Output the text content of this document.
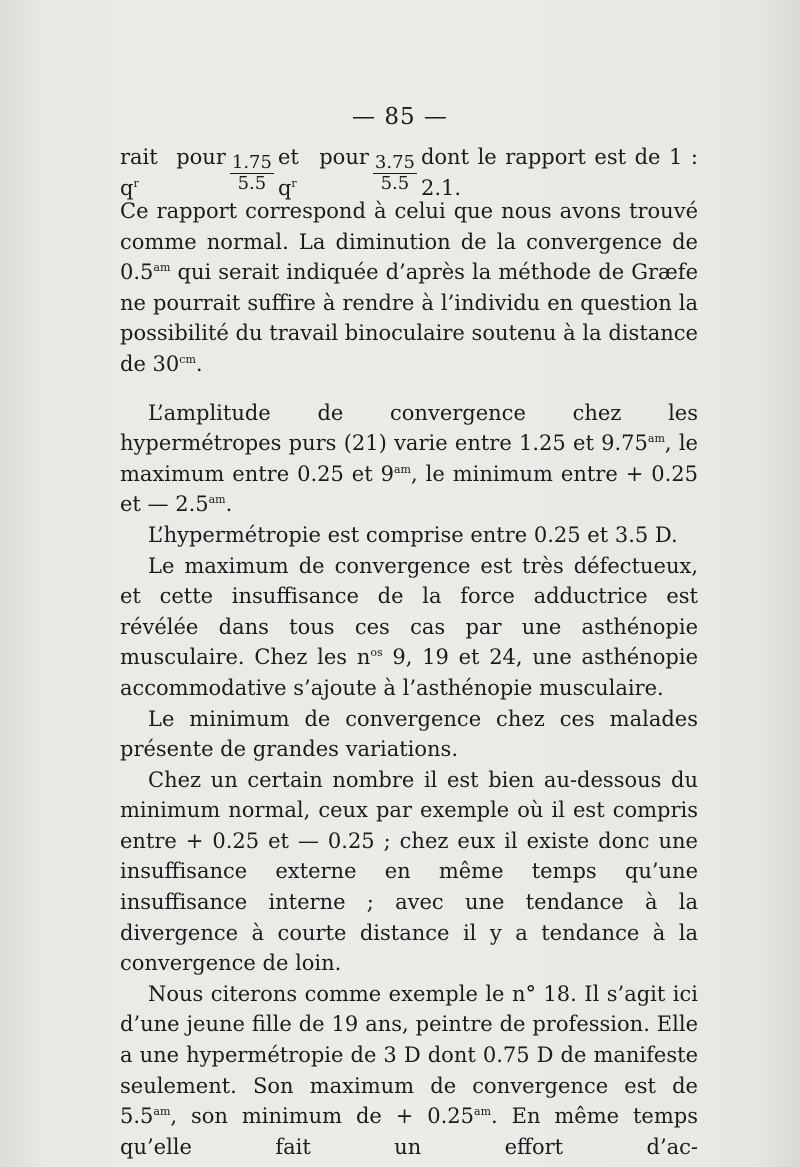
— 85 —
rait pour $q^r$	$\frac{1.75}{5.5}$ et pour $q^r$	$\frac{3.75}{5.5}$ dont le rapport est de 1 : 2.1.

Ce rapport correspond à celui que nous avons trouvé comme normal. La diminution de la convergence de $0.5^{am}$ qui serait indiquée d’après la méthode de Græfe ne pourrait suffire à rendre à l’individu en question la possibilité du travail binoculaire soutenu à la distance de $30^{cm}$.

L’amplitude de convergence chez les hypermétropes purs (21) varie entre 1.25 et $9.75^{am}$, le maximum entre 0.25 et $9^{am}$, le minimum entre + 0.25 et — $2.5^{am}$.

L’hypermétropie est comprise entre 0.25 et 3.5 D.

Le maximum de convergence est très défectueux, et cette insuffisance de la force adductrice est révélée dans tous ces cas par une asthénopie musculaire. Chez les $n^{os}$ 9, 19 et 24, une asthénopie accommodative s’ajoute à l’asthénopie musculaire.

Le minimum de convergence chez ces malades présente de grandes variations.

Chez un certain nombre il est bien au-dessous du minimum normal, ceux par exemple où il est compris entre + 0.25 et — 0.25 ; chez eux il existe donc une insuffisance externe en même temps qu’une insuffisance interne ; avec une tendance à la divergence à courte distance il y a tendance à la convergence de loin.

Nous citerons comme exemple le n° 18. Il s’agit ici d’une jeune fille de 19 ans, peintre de profession. Elle a une hypermétropie de 3 D dont 0.75 D de manifeste seulement. Son maximum de convergence est de $5.5^{am}$, son minimum de + $0.25^{am}$. En même temps qu’elle fait un effort d’ac-
